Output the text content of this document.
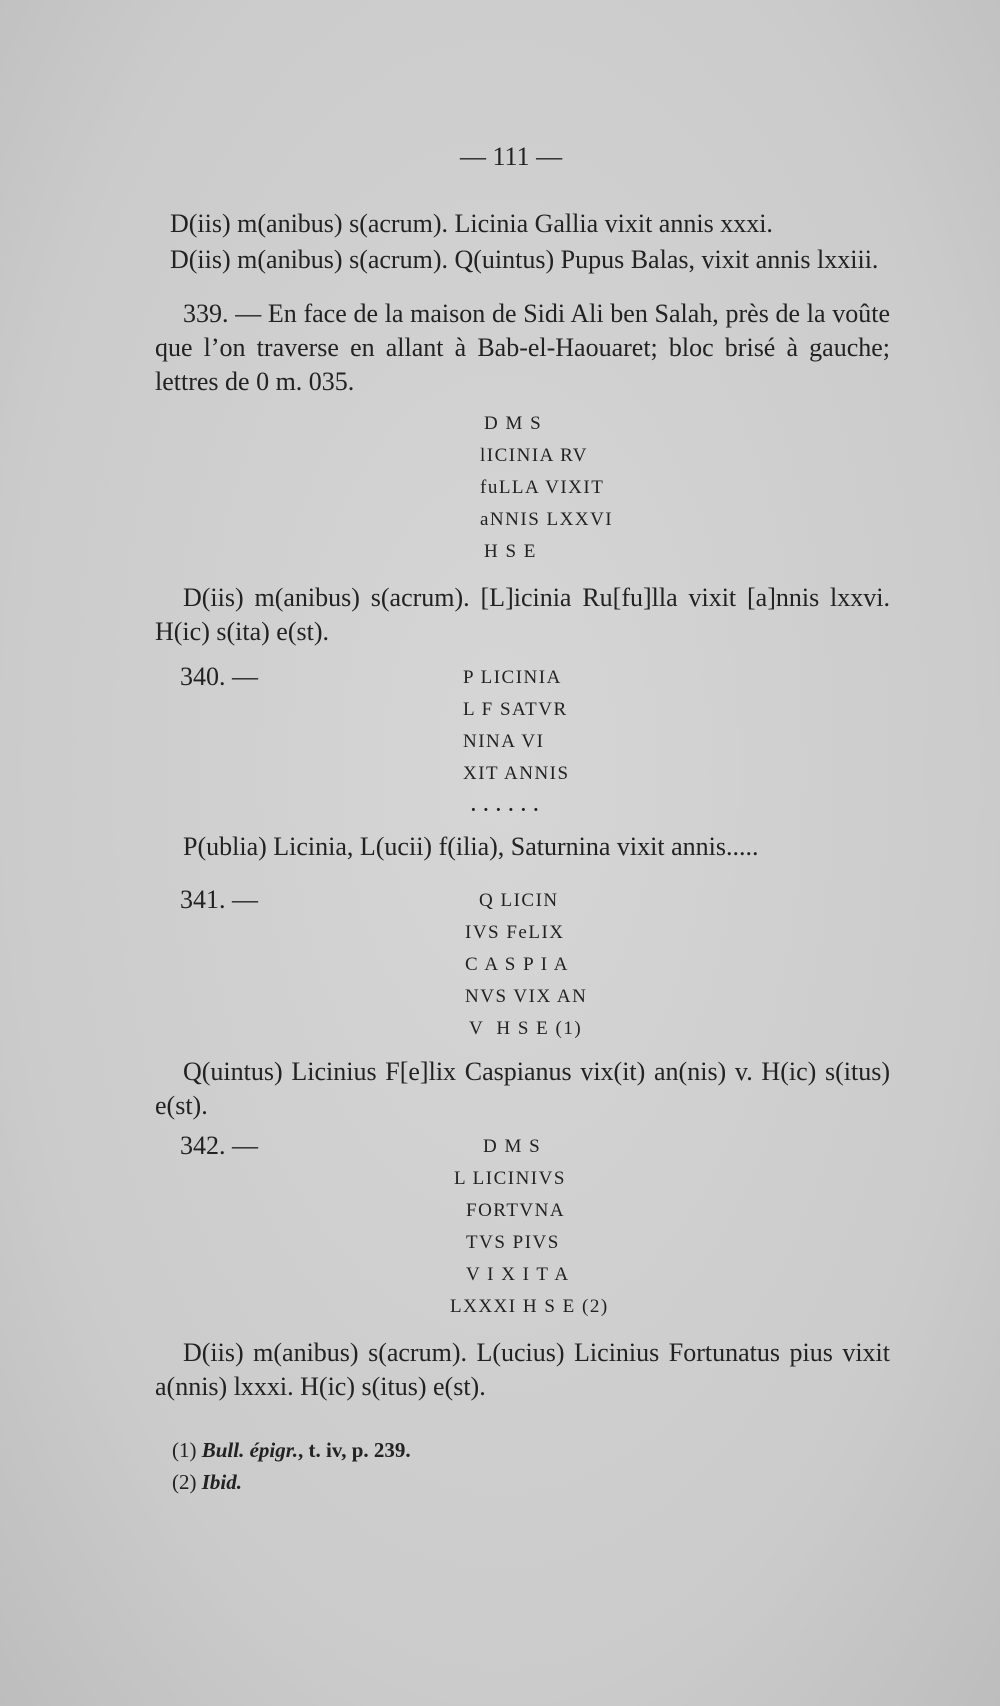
— 111 —
D(iis) m(anibus) s(acrum). Licinia Gallia vixit annis xxxi.
D(iis) m(anibus) s(acrum). Q(uintus) Pupus Balas, vixit annis lxxiii.
339. — En face de la maison de Sidi Ali ben Salah, près de la voûte que l’on traverse en allant à Bab-el-Haouaret; bloc brisé à gauche; lettres de 0 m. 035.
D M S
lICINIA RV
fuLLA VIXIT
aNNIS LXXVI
H S E
D(iis) m(anibus) s(acrum). [L]icinia Ru[fu]lla vixit [a]nnis lxxvi. H(ic) s(ita) e(st).
340. —	P LICINIA
L F SATVR
NINA VI
XIT ANNIS
. . . . . .
P(ublia) Licinia, L(ucii) f(ilia), Saturnina vixit annis.....
341. —	Q LICIN
IVS FeLIX
C A S P I A
NVS VIX AN
V  H S E (1)
Q(uintus) Licinius F[e]lix Caspianus vix(it) an(nis) v. H(ic) s(itus) e(st).
342. —	D M S
L LICINIVS
FORTVNA
TVS PIVS
V I X I T A
LXXXI H S E (2)
D(iis) m(anibus) s(acrum). L(ucius) Licinius Fortunatus pius vixit a(nnis) lxxxi. H(ic) s(itus) e(st).
(1) Bull. épigr., t. iv, p. 239.
(2) Ibid.
